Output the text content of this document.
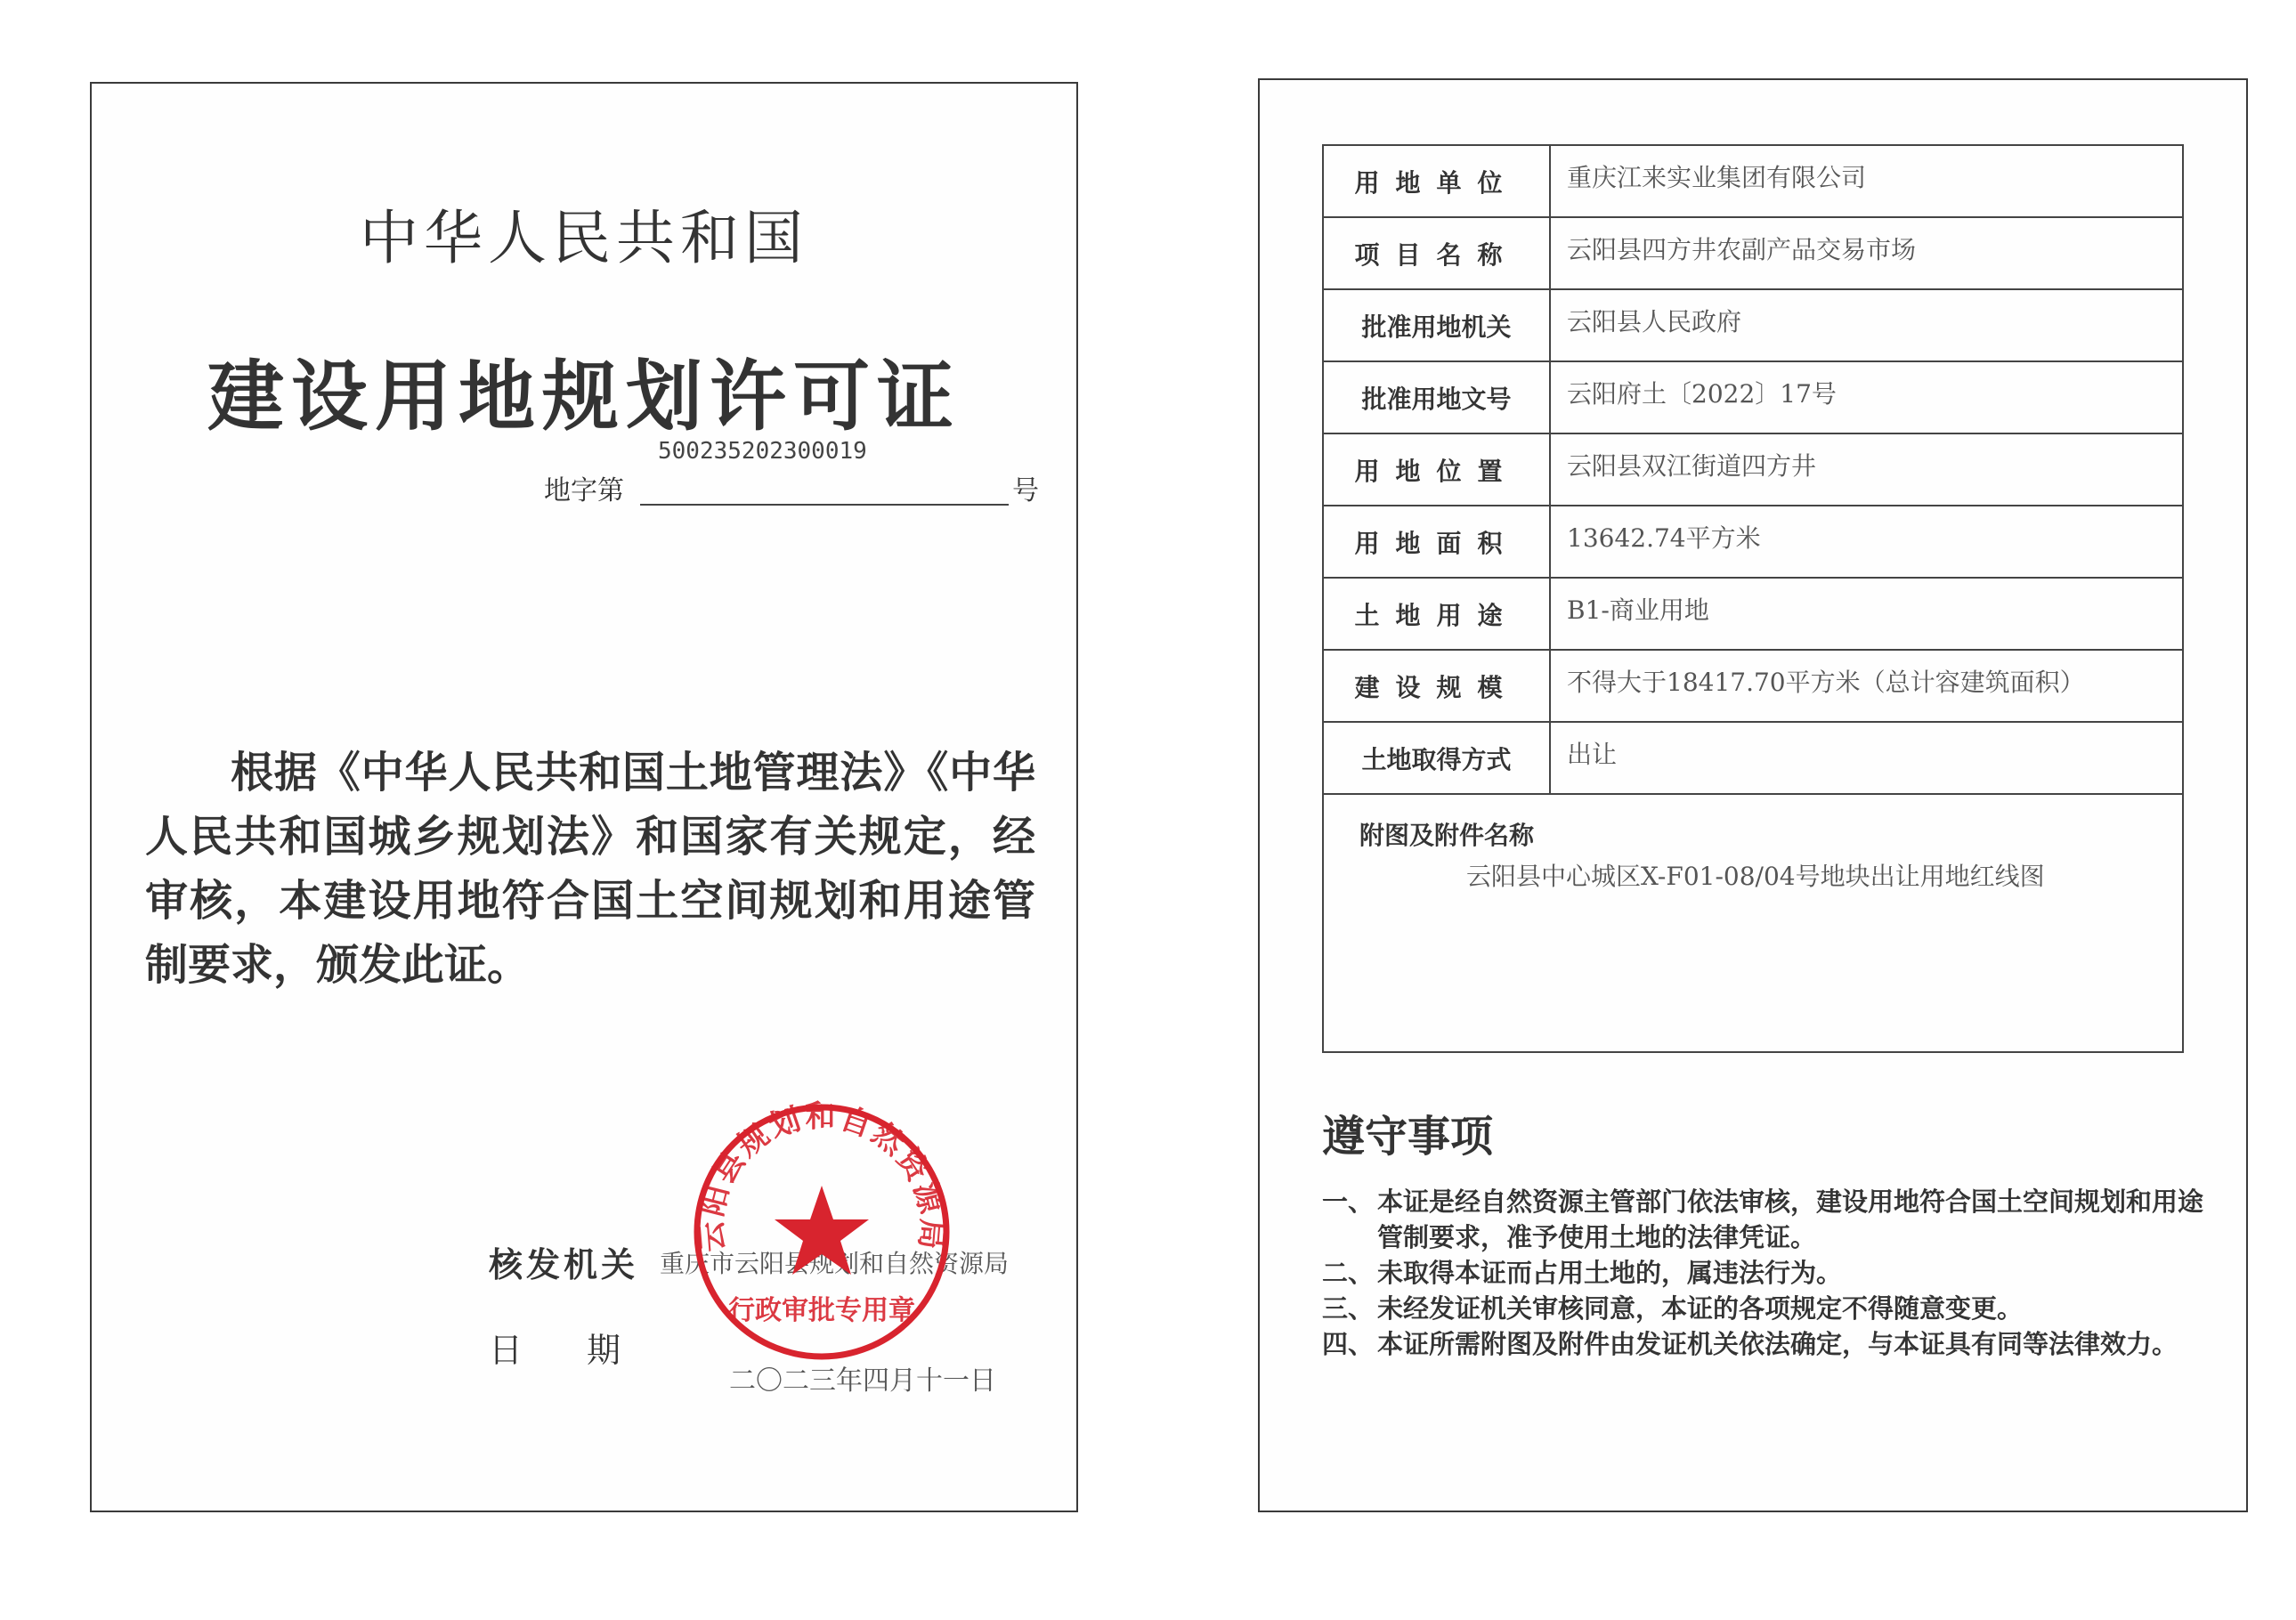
中华人民共和国
建设用地规划许可证
地字第
500235202300019
号
根据《中华人民共和国土地管理法》《中华人民共和国城乡规划法》和国家有关规定，经审核，本建设用地符合国土空间规划和用途管制要求，颁发此证。
核发机关 重庆市云阳县规划和自然资源局
日期
二〇二三年四月十一日
云阳县规划和自然资源局
行政审批专用章
用地单位	重庆江来实业集团有限公司
项目名称	云阳县四方井农副产品交易市场
批准用地机关	云阳县人民政府
批准用地文号	云阳府土〔2022〕17号
用地位置	云阳县双江街道四方井
用地面积	13642.74平方米
土地用途	B1-商业用地
建设规模	不得大于18417.70平方米（总计容建筑面积）
土地取得方式	出让

附图及附件名称
云阳县中心城区X-F01-08/04号地块出让用地红线图	
遵守事项
一、 本证是经自然资源主管部门依法审核，建设用地符合国土空间规划和用途管制要求，准予使用土地的法律凭证。
二、 未取得本证而占用土地的，属违法行为。
三、 未经发证机关审核同意，本证的各项规定不得随意变更。
四、 本证所需附图及附件由发证机关依法确定，与本证具有同等法律效力。
